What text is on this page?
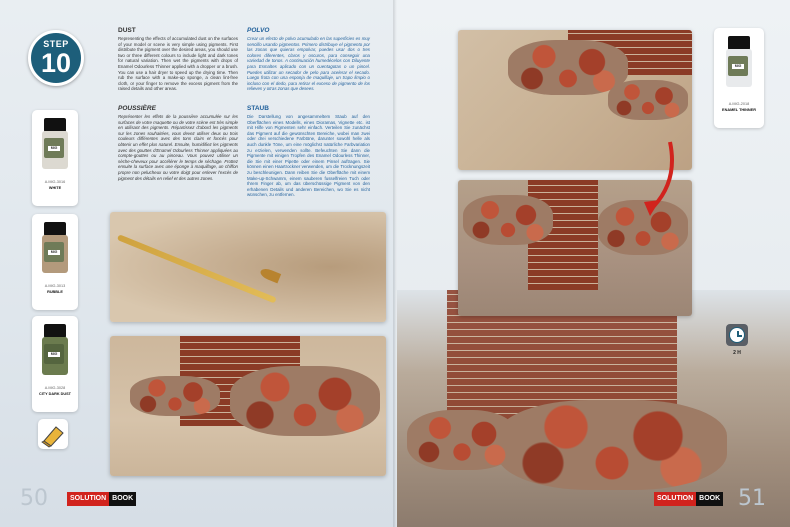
STEP
10
DUST

Representing the effects of accumulated dust on the surfaces of your model or scene is very simple using pigments. First distribute the pigment over the desired areas, you should use two or three different colours to include light and dark tones for natural variation. Then wet the pigments with drops of Enamel Odourless Thinner applied with a dropper or a brush. You can use a hair dryer to speed up the drying time. Then rub the surface with a make-up sponge, a clean lint-free cloth, or your finger to remove the excess pigment from the raised details and other areas.

POUSSIÈRE

Représenter les effets de la poussière accumulée sur les surfaces de votre maquette ou de votre scène est très simple en utilisant des pigments. Répartissez d'abord les pigments sur les zones souhaitées, vous devez utiliser deux ou trois couleurs différentes avec des tons clairs et foncés pour obtenir un effet plus naturel. Ensuite, humidifiez les pigments avec des gouttes d'Enamel Odourless Thinner appliquées au compte-gouttes ou au pinceau. Vous pouvez utiliser un sèche-cheveux pour accélérer le temps de séchage. Frottez ensuite la surface avec une éponge à maquillage, un chiffon propre non pelucheux ou votre doigt pour enlever l'excès de pigment des détails en relief et des autres zones.

POLVO

Crear un efecto de polvo acumulado en las superficies es muy sencillo usando pigmentos. Primero distribuye el pigmento por las zonas que quieras empolvar, puedes usar dos o tres colores diferentes, claros y oscuros, para conseguir una variedad de tonos. A continuación humedécelos con Diluyente para Esmaltes aplicado con un cuentagotas o un pincel. Puedes utilizar un secador de pelo para acelerar el secado. Luego frota con una esponja de maquillaje, un trapo limpio o incluso con el dedo, para retirar el exceso de pigmento de los relieves y otras zonas que desees.

STAUB

Die Darstellung von angesammeltem Staub auf den Oberflächen eines Modells, eines Dioramas, Vignette etc. ist mit Hilfe von Pigmenten sehr einfach. Verteilen Sie zunächst das Pigment auf die gewünschten Bereiche, wobei man zwei oder drei verschiedene Farbtöne, darunter sowohl helle als auch dunkle Töne, um eine möglichst natürliche Farbvariation zu erzielen, verwenden sollte. Befeuchten Sie dann die Pigmente mit einigen Tropfen des Enamel Odourless Thinner, die Sie mit einer Pipette oder einem Pinsel auftragen. Sie können einen Haartrockner verwenden, um die Trocknungszeit zu beschleunigen. Dann reiben Sie die Oberfläche mit einem Make-up-Schwamm, einem sauberen fusselfreien Tuch oder Ihrem Finger ab, um das überschüssige Pigment von den erhabenen Details und anderen Bereichen, wo Sie es nicht wünschen, zu entfernen.

MIG
A.MIG-3016
WHITE
MIG
A.MIG-3013
RUBBLE
MIG
A.MIG-3028
CITY DARK DUST
50	SOLUTION BOOK
MIG
A.MIG-2018
ENAMEL THINNER
2 H
51
SOLUTION BOOK
